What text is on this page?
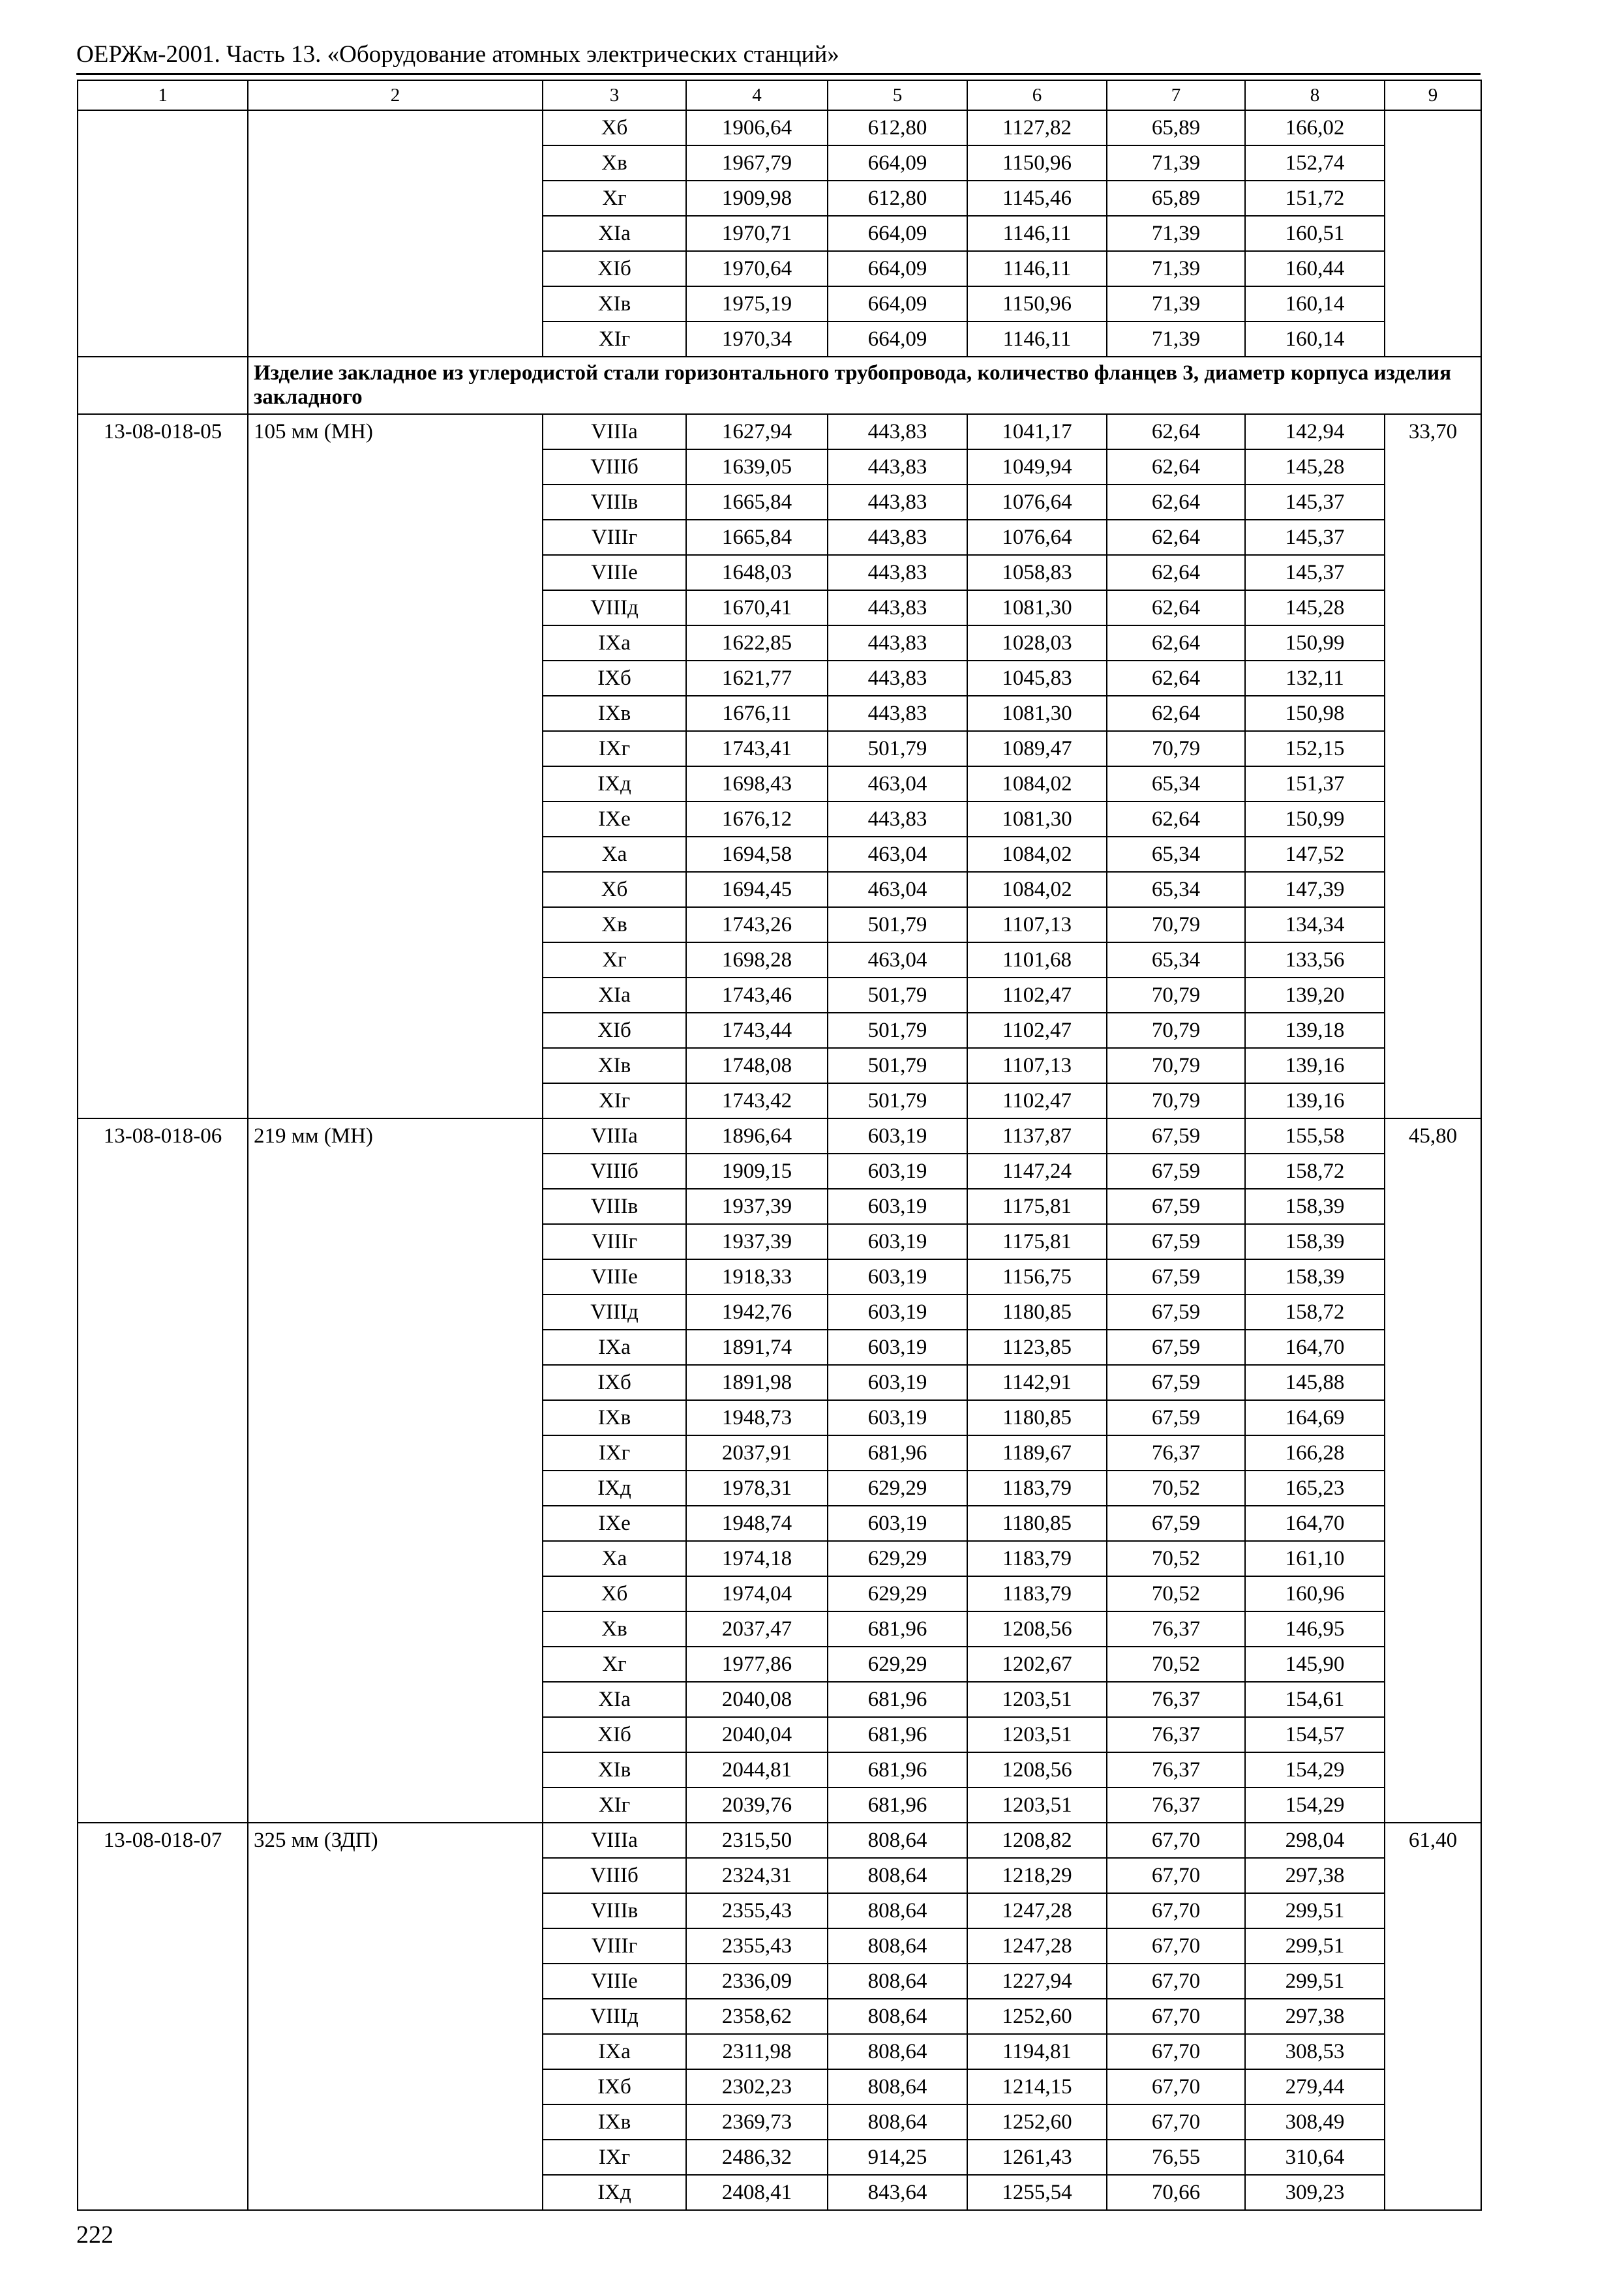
ОЕРЖм-2001. Часть 13. «Оборудование атомных электрических станций»
1	2	3	4	5	6	7	8	9
		Xб	1906,64	612,80	1127,82	65,89	166,02	
		Xв	1967,79	664,09	1150,96	71,39	152,74	
		Xг	1909,98	612,80	1145,46	65,89	151,72	
		XIа	1970,71	664,09	1146,11	71,39	160,51	
		XIб	1970,64	664,09	1146,11	71,39	160,44	
		XIв	1975,19	664,09	1150,96	71,39	160,14	
		XIг	1970,34	664,09	1146,11	71,39	160,14	
	Изделие закладное из углеродистой стали горизонтального трубопровода, количество фланцев 3, диаметр корпуса изделия закладного							
13-08-018-05	105 мм (МН)	VIIIа	1627,94	443,83	1041,17	62,64	142,94	33,70
		VIIIб	1639,05	443,83	1049,94	62,64	145,28	
		VIIIв	1665,84	443,83	1076,64	62,64	145,37	
		VIIIг	1665,84	443,83	1076,64	62,64	145,37	
		VIIIе	1648,03	443,83	1058,83	62,64	145,37	
		VIIIд	1670,41	443,83	1081,30	62,64	145,28	
		IXа	1622,85	443,83	1028,03	62,64	150,99	
		IXб	1621,77	443,83	1045,83	62,64	132,11	
		IXв	1676,11	443,83	1081,30	62,64	150,98	
		IXг	1743,41	501,79	1089,47	70,79	152,15	
		IXд	1698,43	463,04	1084,02	65,34	151,37	
		IXе	1676,12	443,83	1081,30	62,64	150,99	
		Xа	1694,58	463,04	1084,02	65,34	147,52	
		Xб	1694,45	463,04	1084,02	65,34	147,39	
		Xв	1743,26	501,79	1107,13	70,79	134,34	
		Xг	1698,28	463,04	1101,68	65,34	133,56	
		XIа	1743,46	501,79	1102,47	70,79	139,20	
		XIб	1743,44	501,79	1102,47	70,79	139,18	
		XIв	1748,08	501,79	1107,13	70,79	139,16	
		XIг	1743,42	501,79	1102,47	70,79	139,16	
13-08-018-06	219 мм (МН)	VIIIа	1896,64	603,19	1137,87	67,59	155,58	45,80
		VIIIб	1909,15	603,19	1147,24	67,59	158,72	
		VIIIв	1937,39	603,19	1175,81	67,59	158,39	
		VIIIг	1937,39	603,19	1175,81	67,59	158,39	
		VIIIе	1918,33	603,19	1156,75	67,59	158,39	
		VIIIд	1942,76	603,19	1180,85	67,59	158,72	
		IXа	1891,74	603,19	1123,85	67,59	164,70	
		IXб	1891,98	603,19	1142,91	67,59	145,88	
		IXв	1948,73	603,19	1180,85	67,59	164,69	
		IXг	2037,91	681,96	1189,67	76,37	166,28	
		IXд	1978,31	629,29	1183,79	70,52	165,23	
		IXе	1948,74	603,19	1180,85	67,59	164,70	
		Xа	1974,18	629,29	1183,79	70,52	161,10	
		Xб	1974,04	629,29	1183,79	70,52	160,96	
		Xв	2037,47	681,96	1208,56	76,37	146,95	
		Xг	1977,86	629,29	1202,67	70,52	145,90	
		XIа	2040,08	681,96	1203,51	76,37	154,61	
		XIб	2040,04	681,96	1203,51	76,37	154,57	
		XIв	2044,81	681,96	1208,56	76,37	154,29	
		XIг	2039,76	681,96	1203,51	76,37	154,29	
13-08-018-07	325 мм (ЗДП)	VIIIа	2315,50	808,64	1208,82	67,70	298,04	61,40
		VIIIб	2324,31	808,64	1218,29	67,70	297,38	
		VIIIв	2355,43	808,64	1247,28	67,70	299,51	
		VIIIг	2355,43	808,64	1247,28	67,70	299,51	
		VIIIе	2336,09	808,64	1227,94	67,70	299,51	
		VIIIд	2358,62	808,64	1252,60	67,70	297,38	
		IXа	2311,98	808,64	1194,81	67,70	308,53	
		IXб	2302,23	808,64	1214,15	67,70	279,44	
		IXв	2369,73	808,64	1252,60	67,70	308,49	
		IXг	2486,32	914,25	1261,43	76,55	310,64	
		IXд	2408,41	843,64	1255,54	70,66	309,23	
222
